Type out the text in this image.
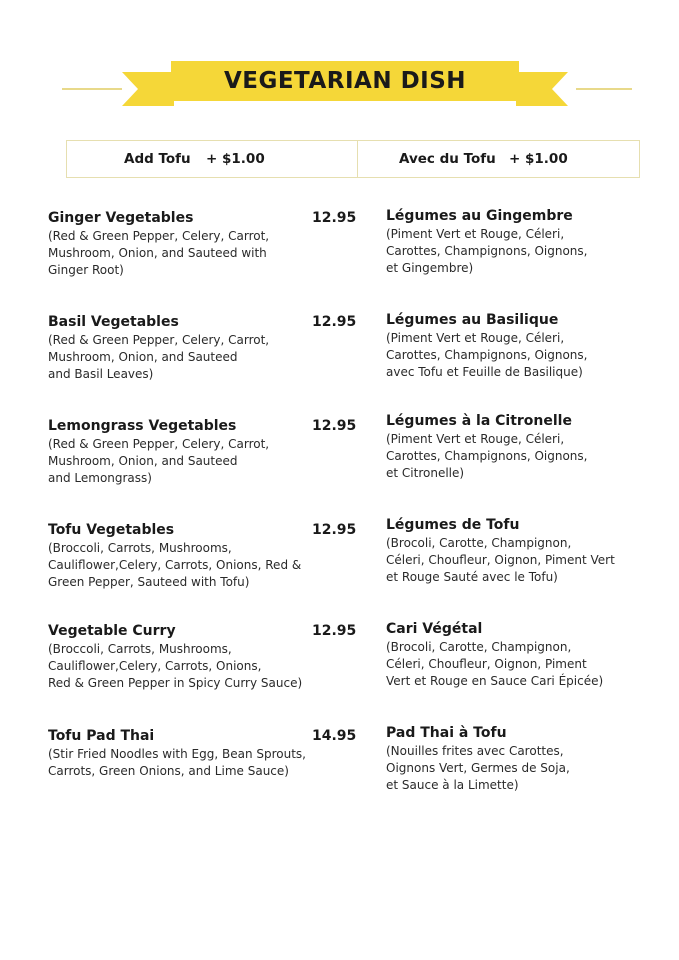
VEGETARIAN DISH
Add Tofu + $1.00	Avec du Tofu + $1.00
Ginger Vegetables
(Red & Green Pepper, Celery, Carrot,
Mushroom, Onion, and Sauteed with
Ginger Root)
12.95 Légumes au Gingembre
(Piment Vert et Rouge, Céleri,
Carottes, Champignons, Oignons,
et Gingembre)
Basil Vegetables
(Red & Green Pepper, Celery, Carrot,
Mushroom, Onion, and Sauteed
and Basil Leaves)
12.95 Légumes au Basilique
(Piment Vert et Rouge, Céleri,
Carottes, Champignons, Oignons,
avec Tofu et Feuille de Basilique)
Lemongrass Vegetables
(Red & Green Pepper, Celery, Carrot,
Mushroom, Onion, and Sauteed
and Lemongrass)
12.95 Légumes à la Citronelle
(Piment Vert et Rouge, Céleri,
Carottes, Champignons, Oignons,
et Citronelle)
Tofu Vegetables
(Broccoli, Carrots, Mushrooms,
Cauliflower,Celery, Carrots, Onions, Red &
Green Pepper, Sauteed with Tofu)
12.95 Légumes de Tofu
(Brocoli, Carotte, Champignon,
Céleri, Choufleur, Oignon, Piment Vert
et Rouge Sauté avec le Tofu)
Vegetable Curry
(Broccoli, Carrots, Mushrooms,
Cauliflower,Celery, Carrots, Onions,
Red & Green Pepper in Spicy Curry Sauce)
12.95 Cari Végétal
(Brocoli, Carotte, Champignon,
Céleri, Choufleur, Oignon, Piment
Vert et Rouge en Sauce Cari Épicée)
Tofu Pad Thai
(Stir Fried Noodles with Egg, Bean Sprouts,
Carrots, Green Onions, and Lime Sauce)
14.95 Pad Thai à Tofu
(Nouilles frites avec Carottes,
Oignons Vert, Germes de Soja,
et Sauce à la Limette)
